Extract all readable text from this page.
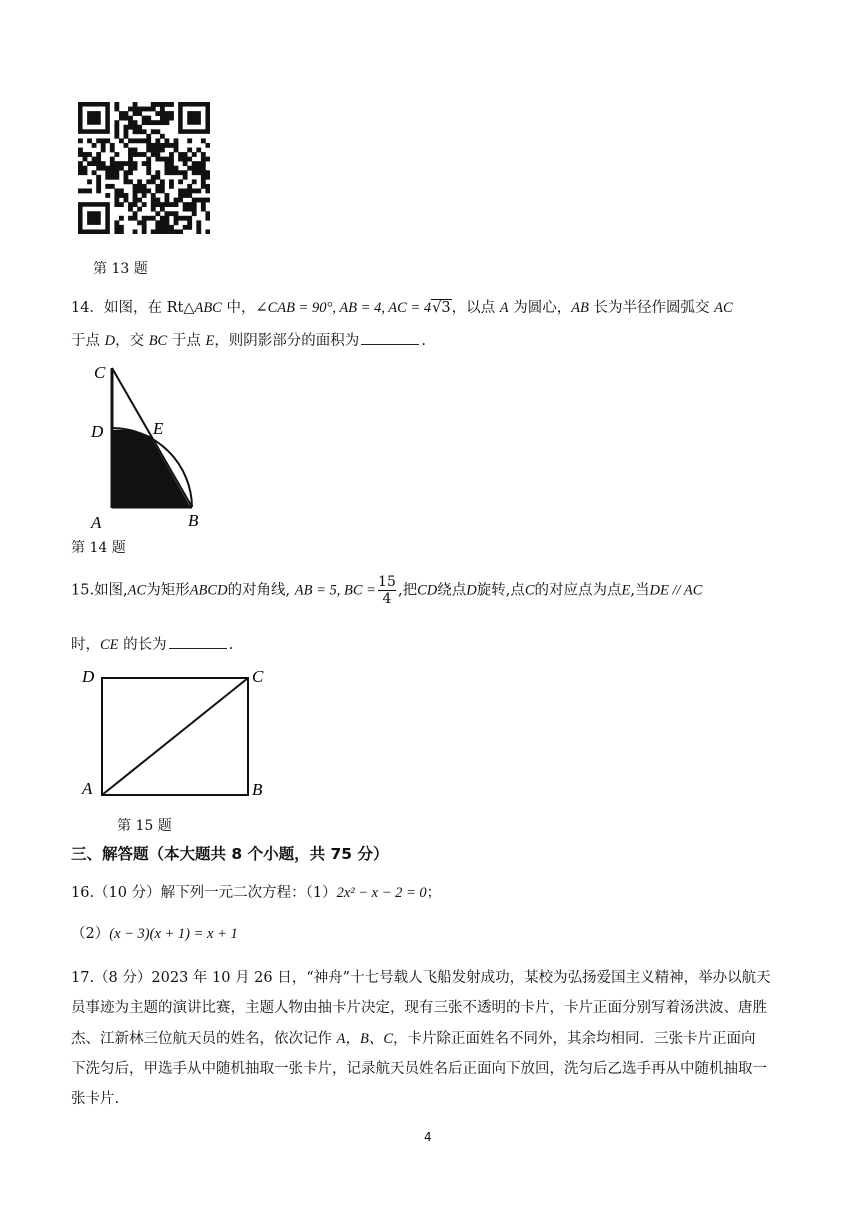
第 13 题
14．如图，在 Rt△ABC 中，∠CAB = 90°, AB = 4, AC = 4√3，以点 A 为圆心，AB 长为半径作圆弧交 AC
于点 D，交 BC 于点 E，则阴影部分的面积为	.
C
D	E
A	B
第 14 题
15.如图,AC为矩形ABCD的对角线, AB = 5, BC = $\frac{15}{4}$ ,把CD绕点D旋转,点C的对应点为点E,当DE // AC
时，CE 的长为	.
D	C
A	B
第 15 题
三、解答题（本大题共 8 个小题，共 75 分）
16.（10 分）解下列一元二次方程：（1）2x² − x − 2 = 0；
（2）(x − 3)(x + 1) = x + 1
17.（8 分）2023 年 10 月 26 日，“神舟”十七号载人飞船发射成功，某校为弘扬爱国主义精神，举办以航天
员事迹为主题的演讲比赛，主题人物由抽卡片决定，现有三张不透明的卡片，卡片正面分别写着汤洪波、唐胜
杰、江新林三位航天员的姓名，依次记作 A，B、C，卡片除正面姓名不同外，其余均相同．三张卡片正面向
下洗匀后，甲选手从中随机抽取一张卡片，记录航天员姓名后正面向下放回，洗匀后乙选手再从中随机抽取一
张卡片.
4
